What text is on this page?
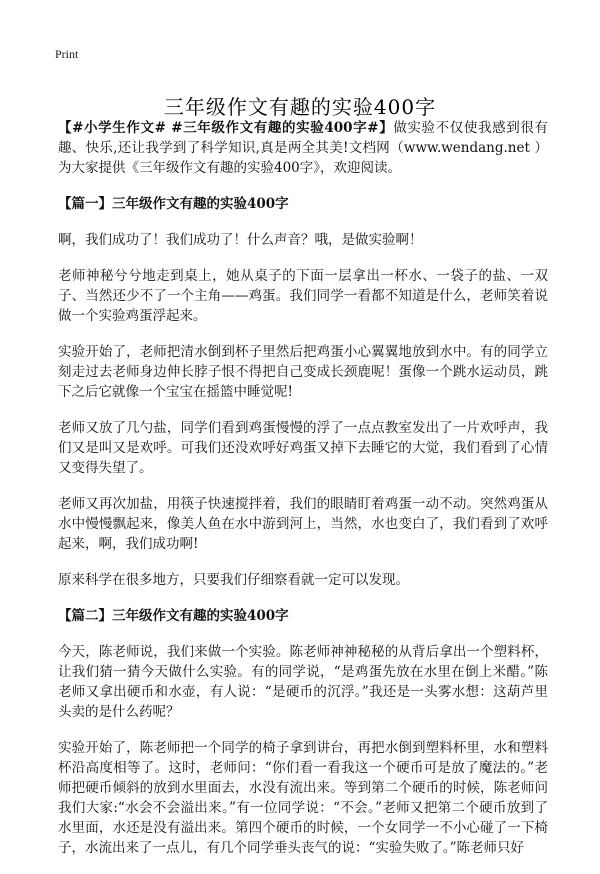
Print
三年级作文有趣的实验400字

【#小学生作文# #三年级作文有趣的实验400字#】做实验不仅使我感到很有趣、快乐,还让我学到了科学知识,真是两全其美!文档网（www.wendang.net ）为大家提供《三年级作文有趣的实验400字》，欢迎阅读。

【篇一】三年级作文有趣的实验400字

啊，我们成功了！我们成功了！什么声音？哦，是做实验啊！

老师神秘兮兮地走到桌上，她从桌子的下面一层拿出一杯水、一袋子的盐、一双子、当然还少不了一个主角——鸡蛋。我们同学一看都不知道是什么，老师笑着说做一个实验鸡蛋浮起来。

实验开始了，老师把清水倒到杯子里然后把鸡蛋小心翼翼地放到水中。有的同学立刻走过去老师身边伸长脖子恨不得把自己变成长颈鹿呢！蛋像一个跳水运动员，跳下之后它就像一个宝宝在摇篮中睡觉呢!

老师又放了几勺盐，同学们看到鸡蛋慢慢的浮了一点点教室发出了一片欢呼声，我们又是叫又是欢呼。可我们还没欢呼好鸡蛋又掉下去睡它的大觉，我们看到了心情又变得失望了。

老师又再次加盐，用筷子快速搅拌着，我们的眼睛盯着鸡蛋一动不动。突然鸡蛋从水中慢慢飘起来，像美人鱼在水中游到河上，当然，水也变白了，我们看到了欢呼起来，啊，我们成功啊!

原来科学在很多地方，只要我们仔细察看就一定可以发现。

【篇二】三年级作文有趣的实验400字

今天，陈老师说，我们来做一个实验。陈老师神神秘秘的从背后拿出一个塑料杯，让我们猜一猜今天做什么实验。有的同学说，“是鸡蛋先放在水里在倒上米醋。”陈老师又拿出硬币和水壶，有人说：“是硬币的沉浮。”我还是一头雾水想：这葫芦里头卖的是什么药呢？

实验开始了，陈老师把一个同学的椅子拿到讲台，再把水倒到塑料杯里，水和塑料杯沿高度相等了。这时，老师问：“你们看一看我这一个硬币可是放了魔法的。”老师把硬币倾斜的放到水里面去，水没有流出来。等到第二个硬币的时候，陈老师问我们大家:“水会不会溢出来。”有一位同学说：“不会。”老师又把第二个硬币放到了水里面，水还是没有溢出来。第四个硬币的时候，一个女同学一不小心碰了一下椅子，水流出来了一点儿，有几个同学垂头丧气的说：“实验失败了。”陈老师只好
